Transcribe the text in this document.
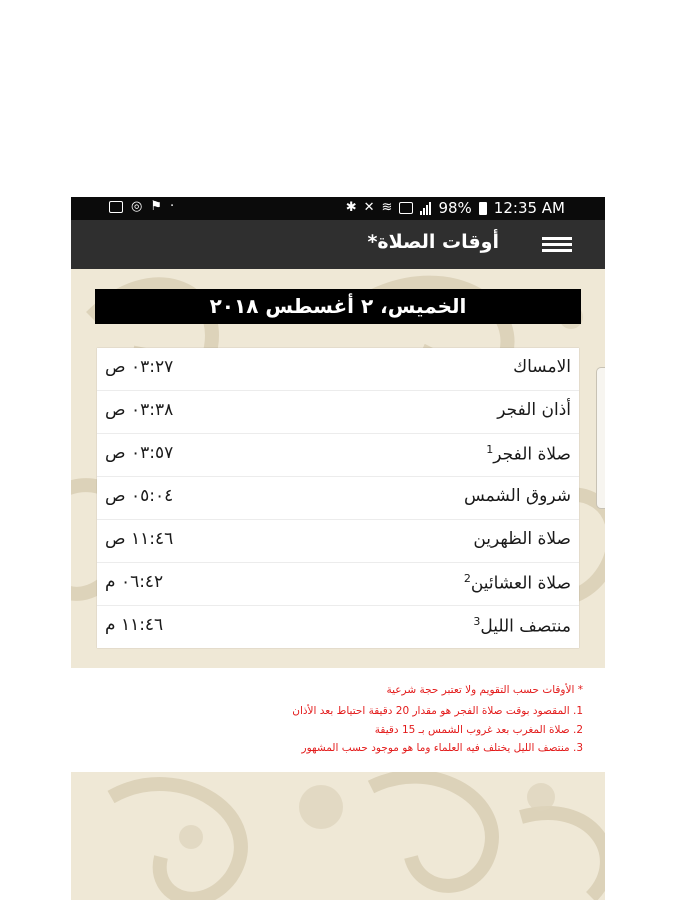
◎ ⚑ ·	✱ ✕ ≋	98% 12:35 AM
أوقات الصلاة*
الخميس، ٢ أغسطس ٢٠١٨
الامساك
٠٣:٢٧ ص
أذان الفجر
٠٣:٣٨ ص
صلاة الفجر$^1$
٠٣:٥٧ ص
شروق الشمس
٠٥:٠٤ ص
صلاة الظهرين
١١:٤٦ ص
صلاة العشائين$^2$
٠٦:٤٢ م
منتصف الليل$^3$
١١:٤٦ م
* الأوقات حسب التقويم ولا تعتبر حجة شرعية
1. المقصود بوقت صلاة الفجر هو مقدار 20 دقيقة احتياط بعد الأذان
2. صلاة المغرب بعد غروب الشمس بـ 15 دقيقة
3. منتصف الليل يختلف فيه العلماء وما هو موجود حسب المشهور
